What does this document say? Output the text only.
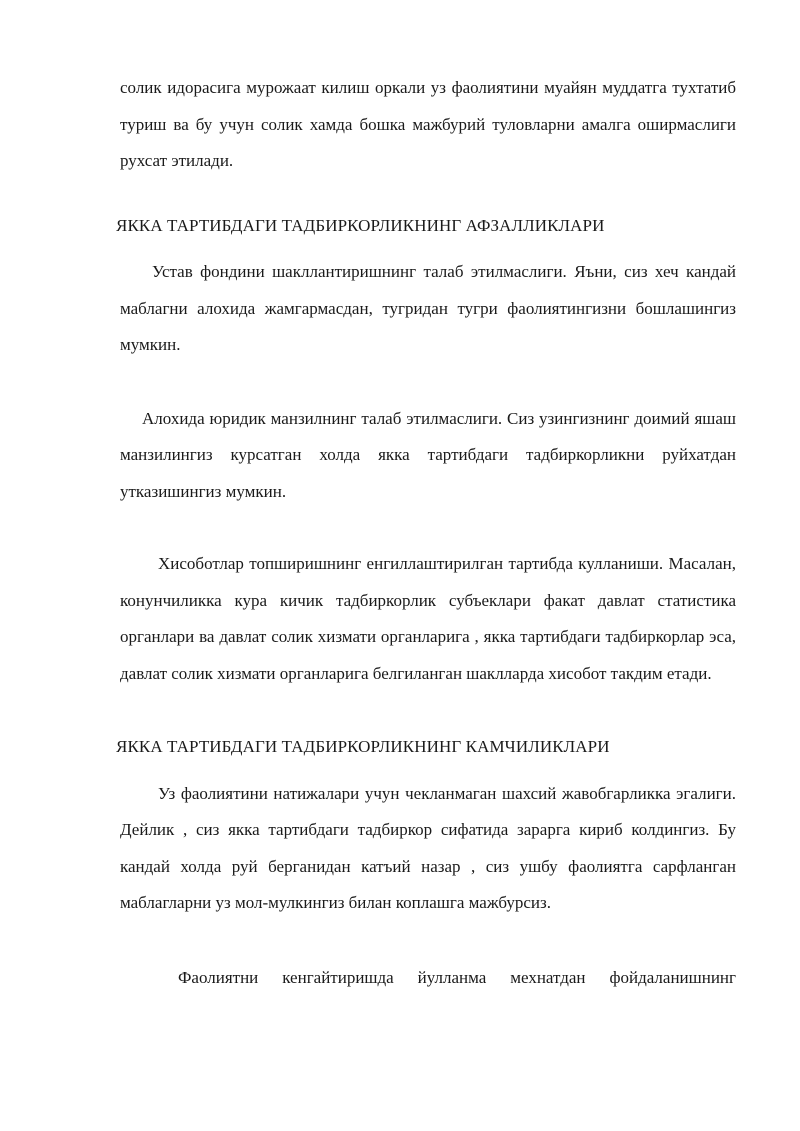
солик идорасига мурожаат килиш оркали уз фаолиятини муайян муддатга тухтатиб туриш ва бу учун солик хамда бошка мажбурий туловларни амалга оширмаслиги рухсат этилади.

ЯККА ТАРТИБДАГИ ТАДБИРКОРЛИКНИНГ АФЗАЛЛИКЛАРИ

Устав фондини шакллантиришнинг талаб этилмаслиги. Яъни, сиз хеч кандай маблагни алохида жамгармасдан, тугридан тугри фаолиятингизни бошлашингиз мумкин.

Алохида юридик манзилнинг талаб этилмаслиги. Сиз узингизнинг доимий яшаш манзилингиз курсатган холда якка тартибдаги тадбиркорликни руйхатдан утказишингиз мумкин.

Хисоботлар топширишнинг енгиллаштирилган тартибда кулланиши. Масалан, конунчиликка кура кичик тадбиркорлик субъеклари факат давлат статистика органлари ва давлат солик хизмати органларига , якка тартибдаги тадбиркорлар эса, давлат солик хизмати органларига белгиланган шаклларда хисобот такдим етади.

ЯККА ТАРТИБДАГИ ТАДБИРКОРЛИКНИНГ КАМЧИЛИКЛАРИ

Уз фаолиятини натижалари учун чекланмаган шахсий жавобгарликка эгалиги. Дейлик , сиз якка тартибдаги тадбиркор сифатида зарарга кириб колдингиз. Бу кандай холда руй берганидан катъий назар , сиз ушбу фаолиятга сарфланган маблагларни уз мол-мулкингиз билан коплашга мажбурсиз.

Фаолиятни кенгайтиришда йулланма мехнатдан фойдаланишнинг
